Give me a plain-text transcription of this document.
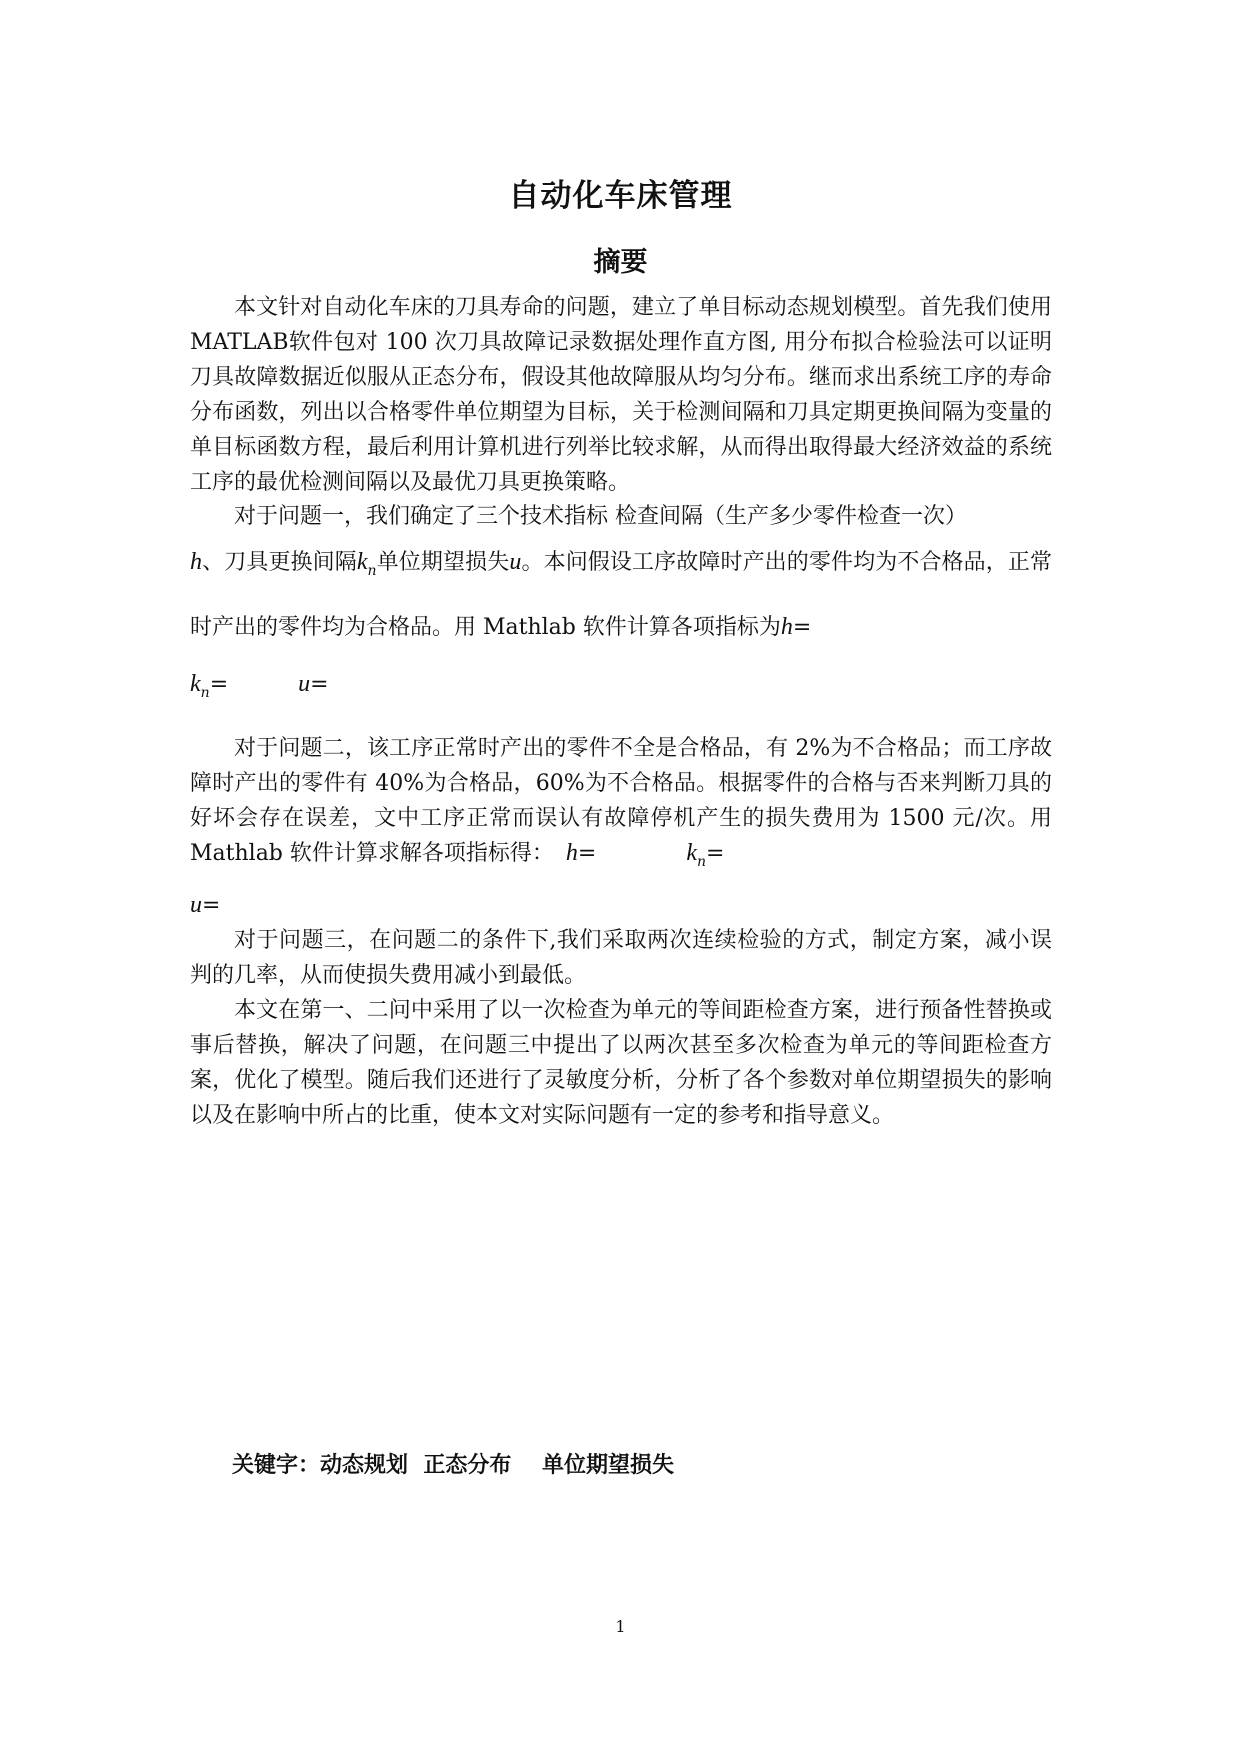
自动化车床管理
摘要

本文针对自动化车床的刀具寿命的问题，建立了单目标动态规划模型。首先我们使用MATLAB软件包对 100 次刀具故障记录数据处理作直方图, 用分布拟合检验法可以证明刀具故障数据近似服从正态分布，假设其他故障服从均匀分布。继而求出系统工序的寿命分布函数，列出以合格零件单位期望为目标，关于检测间隔和刀具定期更换间隔为变量的单目标函数方程，最后利用计算机进行列举比较求解，从而得出取得最大经济效益的系统工序的最优检测间隔以及最优刀具更换策略。

对于问题一，我们确定了三个技术指标 检查间隔（生产多少零件检查一次）

h、刀具更换间隔$k_n$单位期望损失u。本问假设工序故障时产出的零件均为不合格品，正常时产出的零件均为合格品。用 Mathlab 软件计算各项指标为h=

$k_n=$	u=

对于问题二，该工序正常时产出的零件不全是合格品，有 2%为不合格品；而工序故障时产出的零件有 40%为合格品，60%为不合格品。根据零件的合格与否来判断刀具的好坏会存在误差，文中工序正常而误认有故障停机产生的损失费用为 1500 元/次。用 Mathlab 软件计算求解各项指标得： h=	$k_n=$

u=

对于问题三，在问题二的条件下,我们采取两次连续检验的方式，制定方案，减小误判的几率，从而使损失费用减小到最低。

本文在第一、二问中采用了以一次检查为单元的等间距检查方案，进行预备性替换或事后替换，解决了问题，在问题三中提出了以两次甚至多次检查为单元的等间距检查方案，优化了模型。随后我们还进行了灵敏度分析，分析了各个参数对单位期望损失的影响以及在影响中所占的比重，使本文对实际问题有一定的参考和指导意义。

关键字：动态规划  正态分布    单位期望损失
1
